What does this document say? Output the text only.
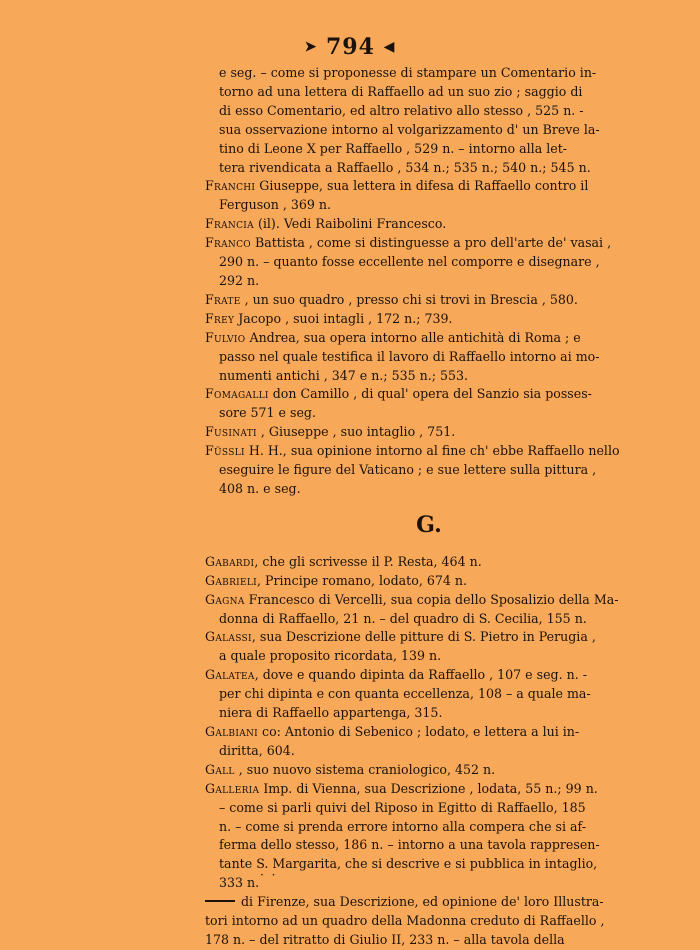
➤ 794 ◀
e seg. – come si proponesse di stampare un Comentario in-
torno ad una lettera di Raffaello ad un suo zio ; saggio di
di esso Comentario, ed altro relativo allo stesso , 525 n. -
sua osservazione intorno al volgarizzamento d' un Breve la-
tino di Leone X per Raffaello , 529 n. – intorno alla let-
tera rivendicata a Raffaello , 534 n.; 535 n.; 540 n.; 545 n.
Franchi Giuseppe, sua lettera in difesa di Raffaello contro il
Ferguson , 369 n.
Francia (il). Vedi Raibolini Francesco.
Franco Battista , come si distinguesse a pro dell'arte de' vasai ,
290 n. – quanto fosse eccellente nel comporre e disegnare ,
292 n.
Frate , un suo quadro , presso chi si trovi in Brescia , 580.
Frey Jacopo , suoi intagli , 172 n.; 739.
Fulvio Andrea, sua opera intorno alle antichità di Roma ; e
passo nel quale testifica il lavoro di Raffaello intorno ai mo-
numenti antichi , 347 e n.; 535 n.; 553.
Fomagalli don Camillo , di qual' opera del Sanzio sia posses-
sore 571 e seg.
Fusinati , Giuseppe , suo intaglio , 751.
Füssli H. H., sua opinione intorno al fine ch' ebbe Raffaello nello
eseguire le figure del Vaticano ; e sue lettere sulla pittura ,
408 n. e seg.
G.
Gabardi, che gli scrivesse il P. Resta, 464 n.
Gabrieli, Principe romano, lodato, 674 n.
Gagna Francesco di Vercelli, sua copia dello Sposalizio della Ma-
donna di Raffaello, 21 n. – del quadro di S. Cecilia, 155 n.
Galassi, sua Descrizione delle pitture di S. Pietro in Perugia ,
a quale proposito ricordata, 139 n.
Galatea, dove e quando dipinta da Raffaello , 107 e seg. n. -
per chi dipinta e con quanta eccellenza, 108 – a quale ma-
niera di Raffaello appartenga, 315.
Galbiani co: Antonio di Sebenico ; lodato, e lettera a lui in-
diritta, 604.
Gall , suo nuovo sistema craniologico, 452 n.
Galleria Imp. di Vienna, sua Descrizione , lodata, 55 n.; 99 n.
– come si parli quivi del Riposo in Egitto di Raffaello, 185
n. – come si prenda errore intorno alla compera che si af-
ferma dello stesso, 186 n. – intorno a una tavola rappresen-
tante S. Margarita, che si descrive e si pubblica in intaglio,
333 n.
di Firenze, sua Descrizione, ed opinione de' loro Illustra-
tori intorno ad un quadro della Madonna creduto di Raffaello ,
178 n. – del ritratto di Giulio II, 233 n. – alla tavola della
· ·
